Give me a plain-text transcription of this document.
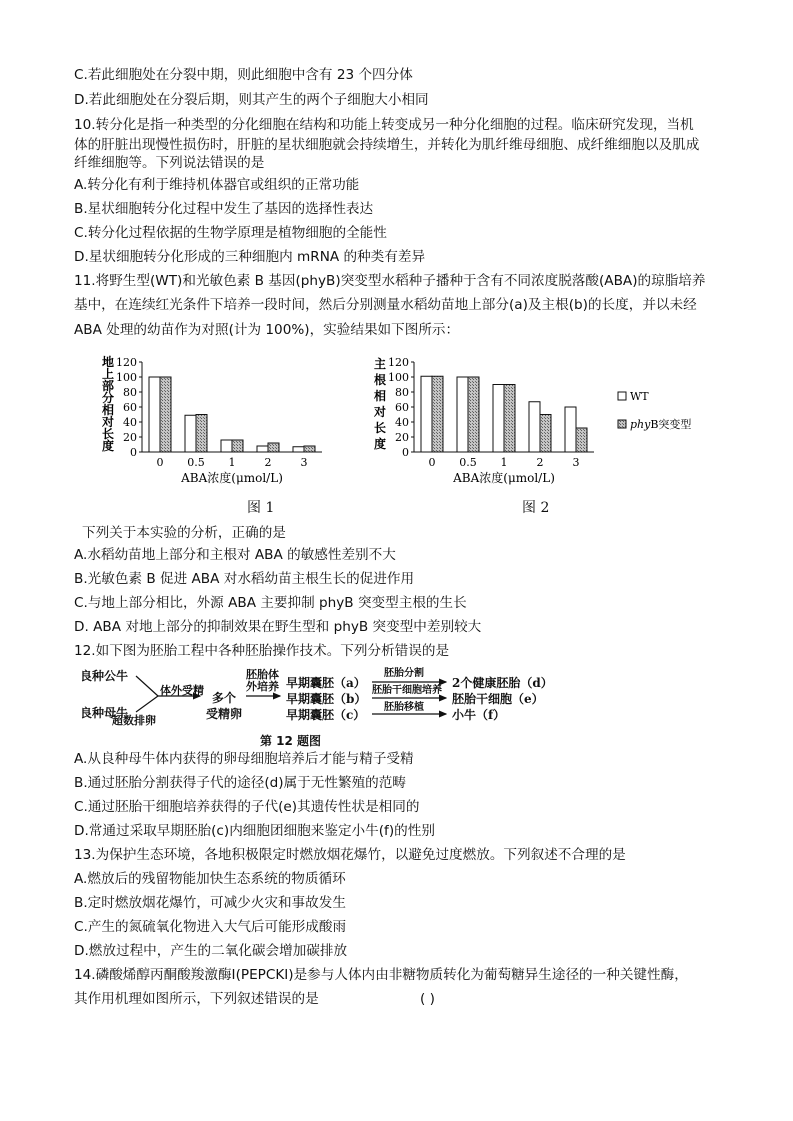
C.若此细胞处在分裂中期，则此细胞中含有 23 个四分体
D.若此细胞处在分裂后期，则其产生的两个子细胞大小相同
10.转分化是指一种类型的分化细胞在结构和功能上转变成另一种分化细胞的过程。临床研究发现，当机
体的肝脏出现慢性损伤时，肝脏的星状细胞就会持续增生，并转化为肌纤维母细胞、成纤维细胞以及肌成
纤维细胞等。下列说法错误的是
A.转分化有利于维持机体器官或组织的正常功能
B.星状细胞转分化过程中发生了基因的选择性表达
C.转分化过程依据的生物学原理是植物细胞的全能性
D.星状细胞转分化形成的三种细胞内 mRNA 的种类有差异
11.将野生型(WT)和光敏色素 B 基因(phyB)突变型水稻种子播种于含有不同浓度脱落酸(ABA)的琼脂培养
基中，在连续红光条件下培养一段时间，然后分别测量水稻幼苗地上部分(a)及主根(b)的长度，并以未经
ABA 处理的幼苗作为对照(计为 100%)，实验结果如下图所示：
地
上
部
分
相
对
长
度 0
20
40
60
80
100
120
0 0.5 1	2	3
ABA浓度(μmol/L)
图 1
主
根
相
对
长
度
0
20
40
60
80
100
120
0 0.5 1	2	3
ABA浓度(μmol/L)
WT
phyB突变型
图 2
下列关于本实验的分析，正确的是
A.水稻幼苗地上部分和主根对 ABA 的敏感性差别不大
B.光敏色素 B 促进 ABA 对水稻幼苗主根生长的促进作用
C.与地上部分相比，外源 ABA 主要抑制 phyB 突变型主根的生长
D. ABA 对地上部分的抑制效果在野生型和 phyB 突变型中差别较大
12.如下图为胚胎工程中各种胚胎操作技术。下列分析错误的是
良种公牛
良种母牛
超数排卵
体外受精
多个
受精卵
胚胎体
外培养 早期囊胚（a）
早期囊胚（b）
早期囊胚（c）
胚胎分割
胚胎干细胞培养
胚胎移植
2个健康胚胎（d）
胚胎干细胞（e）
小牛（f）
第 12 题图
A.从良种母牛体内获得的卵母细胞培养后才能与精子受精
B.通过胚胎分割获得子代的途径(d)属于无性繁殖的范畴
C.通过胚胎干细胞培养获得的子代(e)其遗传性状是相同的
D.常通过采取早期胚胎(c)内细胞团细胞来鉴定小牛(f)的性别
13.为保护生态环境，各地积极限定时燃放烟花爆竹，以避免过度燃放。下列叙述不合理的是
A.燃放后的残留物能加快生态系统的物质循环
B.定时燃放烟花爆竹，可减少火灾和事故发生
C.产生的氮硫氧化物进入大气后可能形成酸雨
D.燃放过程中，产生的二氧化碳会增加碳排放
14.磷酸烯醇丙酮酸羧激酶Ⅰ(PEPCKI)是参与人体内由非糖物质转化为葡萄糖异生途径的一种关键性酶，
其作用机理如图所示，下列叙述错误的是	( )
